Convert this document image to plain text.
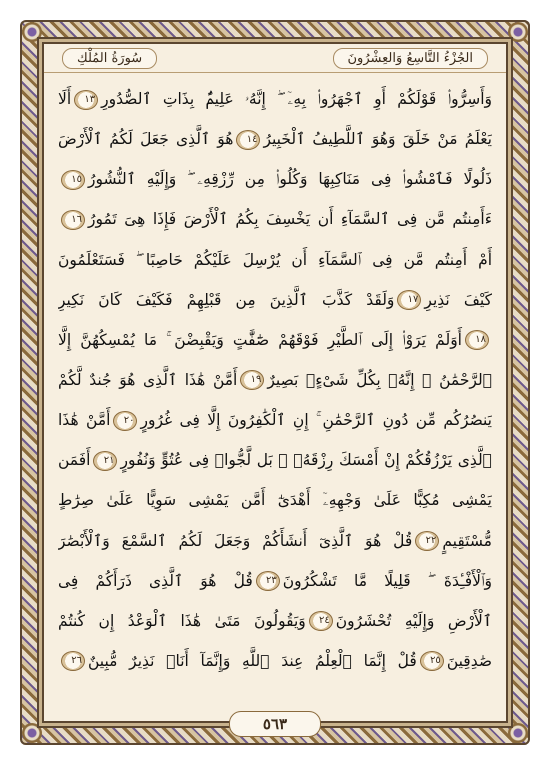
سُورَةُ المُلْكِ	الجُزْءُ التَّاسِعُ وَالعِشْرُونَ
وَأَسِرُّوا۟ قَوْلَكُمْ أَوِ ٱجْهَرُوا۟ بِهِۦٓ ۖ إِنَّهُۥ عَلِيمٌۢ بِذَاتِ ٱلصُّدُورِ١٣أَلَا
يَعْلَمُ مَنْ خَلَقَ وَهُوَ ٱللَّطِيفُ ٱلْخَبِيرُ١٤هُوَ ٱلَّذِى جَعَلَ لَكُمُ ٱلْأَرْضَ
ذَلُولًا فَٱمْشُوا۟ فِى مَنَاكِبِهَا وَكُلُوا۟ مِن رِّزْقِهِۦ ۖ وَإِلَيْهِ ٱلنُّشُورُ١٥
ءَأَمِنتُم مَّن فِى ٱلسَّمَآءِ أَن يَخْسِفَ بِكُمُ ٱلْأَرْضَ فَإِذَا هِىَ تَمُورُ١٦
أَمْ أَمِنتُم مَّن فِى ٱلسَّمَآءِ أَن يُرْسِلَ عَلَيْكُمْ حَاصِبًا ۖ فَسَتَعْلَمُونَ
كَيْفَ نَذِيرِ١٧وَلَقَدْ كَذَّبَ ٱلَّذِينَ مِن قَبْلِهِمْ فَكَيْفَ كَانَ نَكِيرِ
١٨أَوَلَمْ يَرَوْا۟ إِلَى ٱلطَّيْرِ فَوْقَهُمْ صَٰٓفَّٰتٍ وَيَقْبِضْنَ ۚ مَا يُمْسِكُهُنَّ إِلَّا
ٱلرَّحْمَٰنُ ۚ إِنَّهُۥ بِكُلِّ شَىْءٍۭ بَصِيرٌ١٩أَمَّنْ هَٰذَا ٱلَّذِى هُوَ جُندٌ لَّكُمْ
يَنصُرُكُم مِّن دُونِ ٱلرَّحْمَٰنِ ۚ إِنِ ٱلْكَٰفِرُونَ إِلَّا فِى غُرُورٍ٢٠أَمَّنْ هَٰذَا
ٱلَّذِى يَرْزُقُكُمْ إِنْ أَمْسَكَ رِزْقَهُۥ ۚ بَل لَّجُّوا۟ فِى عُتُوٍّ وَنُفُورٍ٢١أَفَمَن
يَمْشِى مُكِبًّا عَلَىٰ وَجْهِهِۦٓ أَهْدَىٰٓ أَمَّن يَمْشِى سَوِيًّا عَلَىٰ صِرَٰطٍ
مُّسْتَقِيمٍ٢٢قُلْ هُوَ ٱلَّذِىٓ أَنشَأَكُمْ وَجَعَلَ لَكُمُ ٱلسَّمْعَ وَٱلْأَبْصَٰرَ
وَٱلْأَفْـِٔدَةَ ۖ قَلِيلًا مَّا تَشْكُرُونَ٢٣قُلْ هُوَ ٱلَّذِى ذَرَأَكُمْ فِى
ٱلْأَرْضِ وَإِلَيْهِ تُحْشَرُونَ٢٤وَيَقُولُونَ مَتَىٰ هَٰذَا ٱلْوَعْدُ إِن كُنتُمْ
صَٰدِقِينَ٢٥قُلْ إِنَّمَا ٱلْعِلْمُ عِندَ ٱللَّهِ وَإِنَّمَآ أَنَا۠ نَذِيرٌ مُّبِينٌ٢٦
٥٦٣
